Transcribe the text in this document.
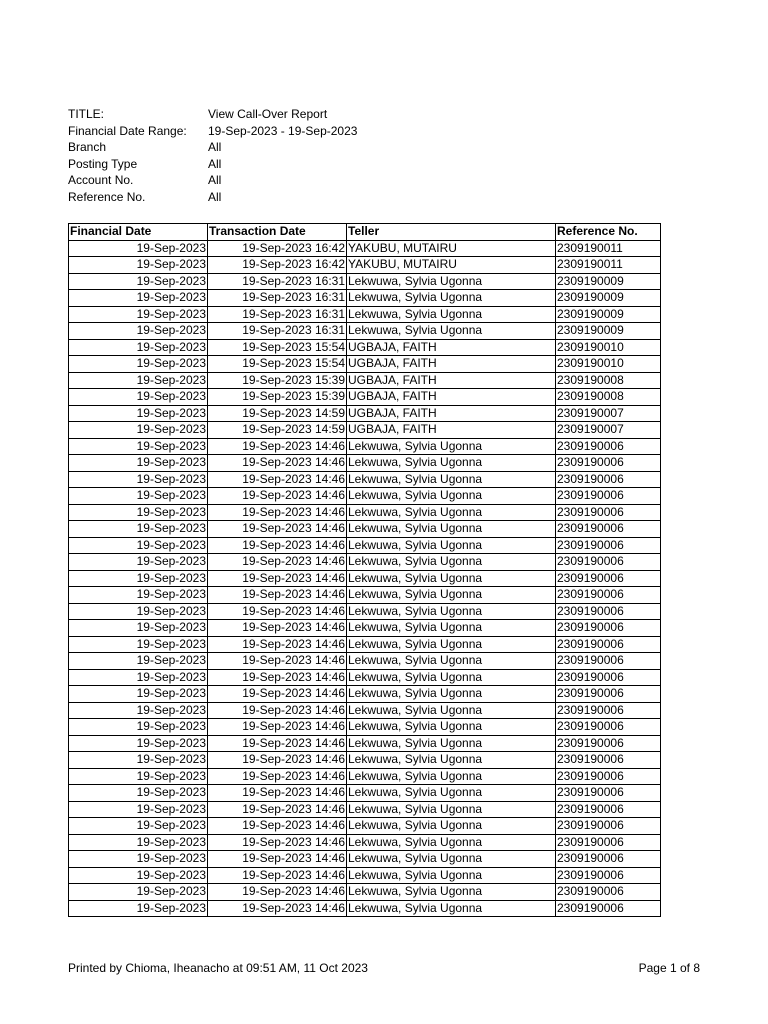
TITLE:	View Call-Over Report
Financial Date Range:	19-Sep-2023 - 19-Sep-2023
Branch	All
Posting Type	All
Account No.	All
Reference No.	All
Financial Date	Transaction Date	Teller	Reference No.
19-Sep-2023	19-Sep-2023 16:42	YAKUBU, MUTAIRU	2309190011
19-Sep-2023	19-Sep-2023 16:42	YAKUBU, MUTAIRU	2309190011
19-Sep-2023	19-Sep-2023 16:31	Lekwuwa, Sylvia Ugonna	2309190009
19-Sep-2023	19-Sep-2023 16:31	Lekwuwa, Sylvia Ugonna	2309190009
19-Sep-2023	19-Sep-2023 16:31	Lekwuwa, Sylvia Ugonna	2309190009
19-Sep-2023	19-Sep-2023 16:31	Lekwuwa, Sylvia Ugonna	2309190009
19-Sep-2023	19-Sep-2023 15:54	UGBAJA, FAITH	2309190010
19-Sep-2023	19-Sep-2023 15:54	UGBAJA, FAITH	2309190010
19-Sep-2023	19-Sep-2023 15:39	UGBAJA, FAITH	2309190008
19-Sep-2023	19-Sep-2023 15:39	UGBAJA, FAITH	2309190008
19-Sep-2023	19-Sep-2023 14:59	UGBAJA, FAITH	2309190007
19-Sep-2023	19-Sep-2023 14:59	UGBAJA, FAITH	2309190007
19-Sep-2023	19-Sep-2023 14:46	Lekwuwa, Sylvia Ugonna	2309190006
19-Sep-2023	19-Sep-2023 14:46	Lekwuwa, Sylvia Ugonna	2309190006
19-Sep-2023	19-Sep-2023 14:46	Lekwuwa, Sylvia Ugonna	2309190006
19-Sep-2023	19-Sep-2023 14:46	Lekwuwa, Sylvia Ugonna	2309190006
19-Sep-2023	19-Sep-2023 14:46	Lekwuwa, Sylvia Ugonna	2309190006
19-Sep-2023	19-Sep-2023 14:46	Lekwuwa, Sylvia Ugonna	2309190006
19-Sep-2023	19-Sep-2023 14:46	Lekwuwa, Sylvia Ugonna	2309190006
19-Sep-2023	19-Sep-2023 14:46	Lekwuwa, Sylvia Ugonna	2309190006
19-Sep-2023	19-Sep-2023 14:46	Lekwuwa, Sylvia Ugonna	2309190006
19-Sep-2023	19-Sep-2023 14:46	Lekwuwa, Sylvia Ugonna	2309190006
19-Sep-2023	19-Sep-2023 14:46	Lekwuwa, Sylvia Ugonna	2309190006
19-Sep-2023	19-Sep-2023 14:46	Lekwuwa, Sylvia Ugonna	2309190006
19-Sep-2023	19-Sep-2023 14:46	Lekwuwa, Sylvia Ugonna	2309190006
19-Sep-2023	19-Sep-2023 14:46	Lekwuwa, Sylvia Ugonna	2309190006
19-Sep-2023	19-Sep-2023 14:46	Lekwuwa, Sylvia Ugonna	2309190006
19-Sep-2023	19-Sep-2023 14:46	Lekwuwa, Sylvia Ugonna	2309190006
19-Sep-2023	19-Sep-2023 14:46	Lekwuwa, Sylvia Ugonna	2309190006
19-Sep-2023	19-Sep-2023 14:46	Lekwuwa, Sylvia Ugonna	2309190006
19-Sep-2023	19-Sep-2023 14:46	Lekwuwa, Sylvia Ugonna	2309190006
19-Sep-2023	19-Sep-2023 14:46	Lekwuwa, Sylvia Ugonna	2309190006
19-Sep-2023	19-Sep-2023 14:46	Lekwuwa, Sylvia Ugonna	2309190006
19-Sep-2023	19-Sep-2023 14:46	Lekwuwa, Sylvia Ugonna	2309190006
19-Sep-2023	19-Sep-2023 14:46	Lekwuwa, Sylvia Ugonna	2309190006
19-Sep-2023	19-Sep-2023 14:46	Lekwuwa, Sylvia Ugonna	2309190006
19-Sep-2023	19-Sep-2023 14:46	Lekwuwa, Sylvia Ugonna	2309190006
19-Sep-2023	19-Sep-2023 14:46	Lekwuwa, Sylvia Ugonna	2309190006
19-Sep-2023	19-Sep-2023 14:46	Lekwuwa, Sylvia Ugonna	2309190006
19-Sep-2023	19-Sep-2023 14:46	Lekwuwa, Sylvia Ugonna	2309190006
19-Sep-2023	19-Sep-2023 14:46	Lekwuwa, Sylvia Ugonna	2309190006
Printed by Chioma, Iheanacho at 09:51 AM, 11 Oct 2023	Page 1 of 8
